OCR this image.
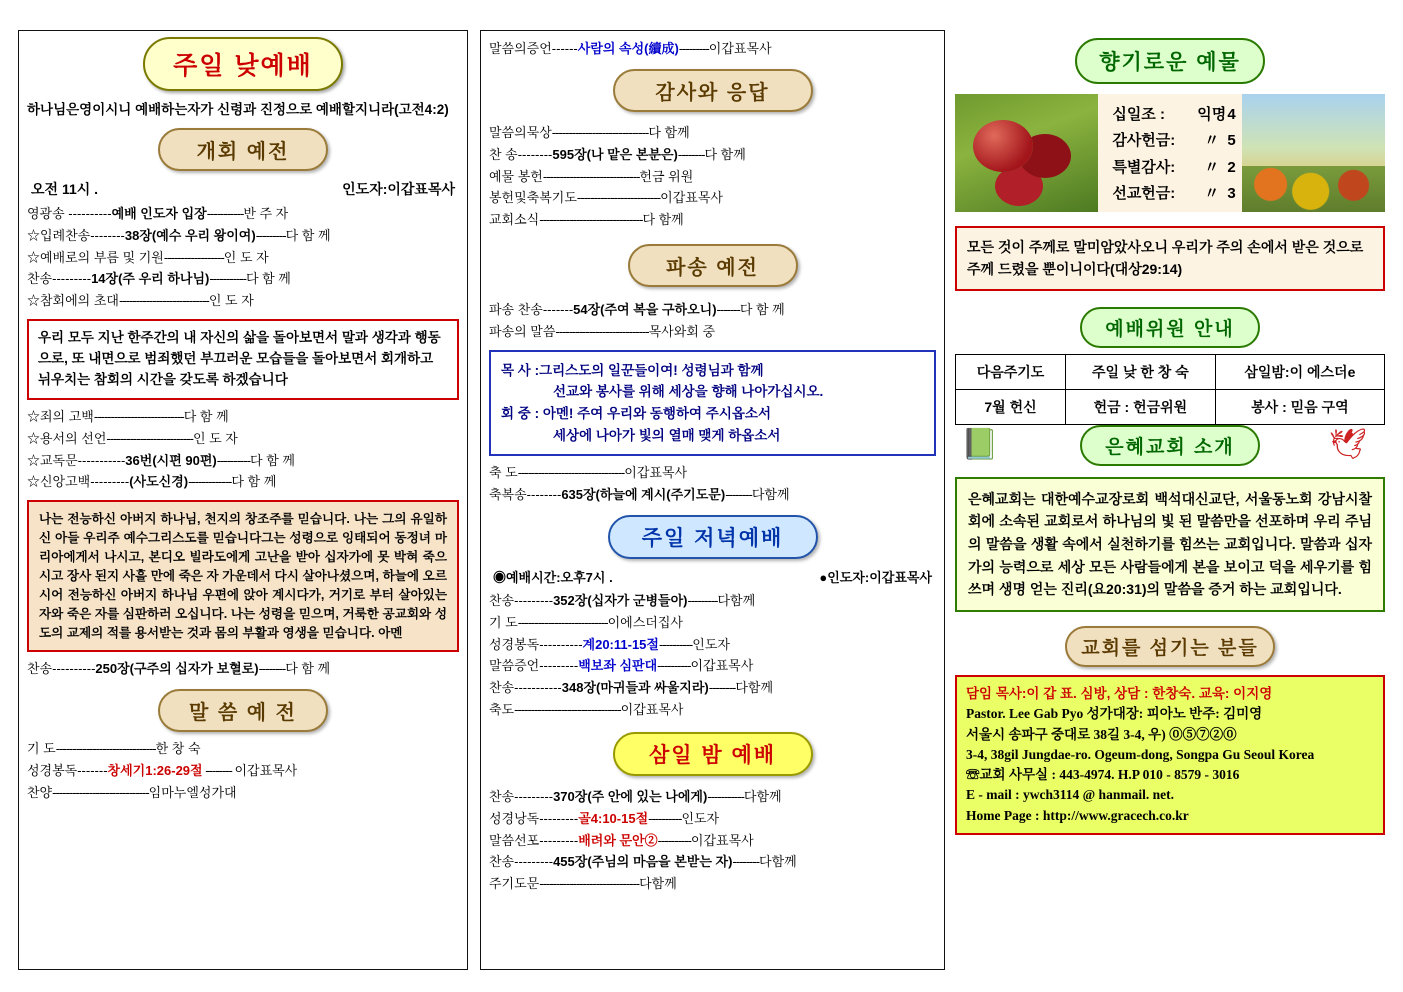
주일 낮예배
하나님은영이시니 예배하는자가 신령과 진정으로 예배할지니라(고전4:2)
개회 예전
오전 11시 .	인도자:이갑표목사
영광송 ----------예배 인도자 입장-----------반 주 자
☆입례찬송--------38장(예수 우리 왕이여)---------다 함 께
☆예배로의 부름 및 기원------------------인 도 자
찬송---------14장(주 우리 하나님)-----------다 함 께
☆참회에의 초대---------------------------인 도 자
우리 모두 지난 한주간의 내 자신의 삶을 돌아보면서 말과 생각과 행동으로, 또 내면으로 범죄했던 부끄러운 모습들을 돌아보면서 회개하고 뉘우치는 참회의 시간을 갖도록 하겠습니다
☆죄의 고백---------------------------다 함 께
☆용서의 선언--------------------------인 도 자
☆교독문-----------36번(시편 90편)----------다 함 께
☆신앙고백---------(사도신경)-------------다 함 께
나는 전능하신 아버지 하나님, 천지의 창조주를 믿습니다. 나는 그의 유일하신 아들 우리주 예수그리스도를 믿습니다그는 성령으로 잉태되어 동정녀 마리아에게서 나시고, 본디오 빌라도에게 고난을 받아 십자가에 못 박혀 죽으시고 장사 된지 사흘 만에 죽은 자 가운데서 다시 살아나셨으며, 하늘에 오르시어 전능하신 아버지 하나님 우편에 앉아 계시다가, 거기로 부터 살아있는 자와 죽은 자를 심판하러 오십니다. 나는 성령을 믿으며, 거룩한 공교회와 성도의 교제의 적를 용서받는 것과 몸의 부활과 영생을 믿습니다. 아멘
찬송----------250장(구주의 십자가 보혈로)--------다 함 께
말 씀 예 전
기 도------------------------------한 창 숙
성경봉독-------창세기1:26-29절 -------- 이갑표목사
찬양-----------------------------임마누엘성가대
말씀의증언------사람의 속성(續成)---------이갑표목사
감사와 응답
말씀의묵상-----------------------------다 함께
찬 송--------595장(나 맡은 본분은)--------다 함께
예물 봉헌-----------------------------헌금 위원
봉헌및축복기도-------------------------이갑표목사
교회소식-------------------------------다 함께
파송 예전
파송 찬송-------54장(주여 복을 구하오니)-------다 함 께
파송의 말씀----------------------------목사와회 중
목 사 :그리스도의 일꾼들이여! 성령님과 함께
선교와 봉사를 위해 세상을 향해 나아가십시오.
회 중 : 아멘! 주여 우리와 동행하여 주시옵소서
세상에 나아가 빛의 열매 맺게 하옵소서
축 도--------------------------------이갑표목사
축복송--------635장(하늘에 계시(주기도문)--------다함께
주일 저녁예배
◉예배시간:오후7시 .	●인도자:이갑표목사
찬송---------352장(십자가 군병들아)---------다함께
기 도---------------------------이에스더집사
성경봉독----------계20:11-15절----------인도자
말씀증언---------백보좌 심판대----------이갑표목사
찬송-----------348장(마귀들과 싸울지라)--------다함께
축도--------------------------------이갑표목사
삼일 밤 예배
찬송---------370장(주 안에 있는 나에게)-----------다함께
성경낭독---------골4:10-15절----------인도자
말씀선포---------배려와 문안②----------이갑표목사
찬송---------455장(주님의 마음을 본받는 자)--------다함께
주기도문------------------------------다함께
향기로운 예물
십일조 :	익명 4
감사헌금:	〃 5
특별감사:	〃 2
선교헌금:	〃 3
모든 것이 주께로 말미암았사오니 우리가 주의 손에서 받은 것으로 주께 드렸을 뿐이니이다(대상29:14)
예배위원 안내
다음주기도	주일 낮 한 창 숙	삼일밤:이 에스더e
7월 헌신	헌금 : 헌금위원	봉사 : 믿음 구역
📗	🕊
은혜교회 소개
은혜교회는 대한예수교장로회 백석대신교단, 서울동노회 강남시찰회에 소속된 교회로서 하나님의 빛 된 말씀만을 선포하며 우리 주님의 말씀을 생활 속에서 실천하기를 힘쓰는 교회입니다. 말씀과 십자가의 능력으로 세상 모든 사람들에게 본을 보이고 덕을 세우기를 힘쓰며 생명 얻는 진리(요20:31)의 말씀을 증거 하는 교회입니다.
교회를 섬기는 분들
담임 목사:이 갑 표. 심방, 상담 : 한창숙. 교육: 이지영
Pastor. Lee Gab Pyo 성가대장: 피아노 반주: 김미영
서울시 송파구 중대로 38길 3-4, 우) ⓪⑤⑦②⓪
3-4, 38gil Jungdae-ro. Ogeum-dong, Songpa Gu Seoul Korea
☏교회 사무실 : 443-4974. H.P 010 - 8579 - 3016
E - mail : ywch3114 @ hanmail. net.
Home Page : http://www.gracech.co.kr
